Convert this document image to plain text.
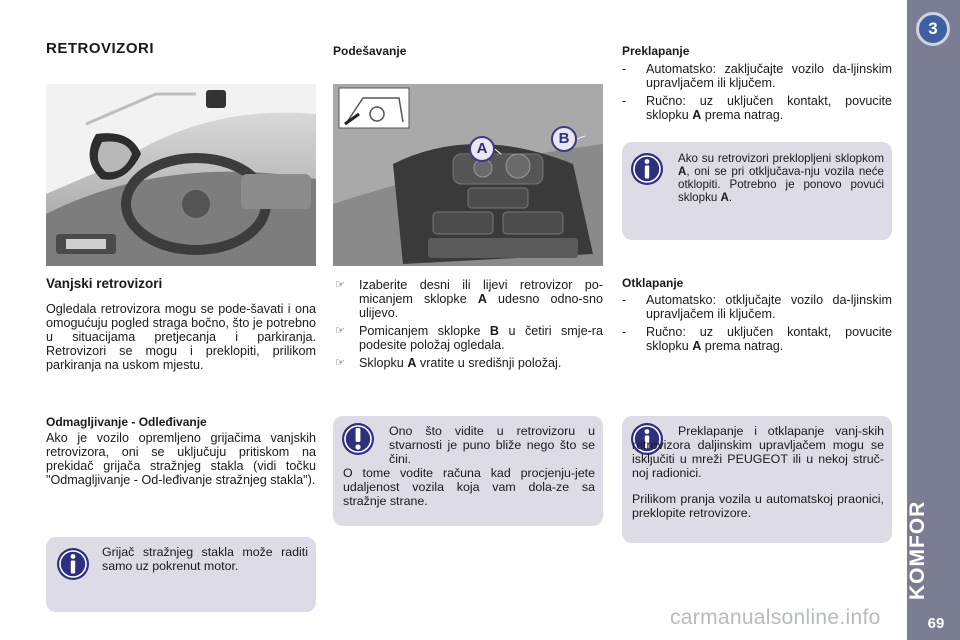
RETROVIZORI
Vanjski retrovizori

Ogledala retrovizora mogu se pode-šavati i ona omogućuju pogled straga bočno, što je potrebno u situacijama pretjecanja i parkiranja. Retrovizori se mogu i preklopiti, prilikom parkiranja na uskom mjestu.

Odmagljivanje - Odleđivanje

Ako je vozilo opremljeno grijačima vanjskih retrovizora, oni se uključuju pritiskom na prekidač grijača stražnjeg stakla (vidi točku "Odmagljivanje - Od-leđivanje stražnjeg stakla").

Grijač stražnjeg stakla može raditi samo uz pokrenut motor.

Podešavanje
A
B
☞ Izaberite desni ili lijevi retrovizor po-micanjem sklopke A udesno odno-sno ulijevo.
☞ Pomicanjem sklopke B u četiri smje-ra podesite položaj ogledala.
☞ Sklopku A vratite u središnji položaj.

Ono što vidite u retrovizoru u stvarnosti je puno bliže nego što se čini.

O tome vodite računa kad procjenju-jete udaljenost vozila koja vam dola-ze sa stražnje strane.

Preklapanje
- Automatsko: zaključajte vozilo da-ljinskim upravljačem ili ključem.
- Ručno: uz uključen kontakt, povucite sklopku A prema natrag.

Ako su retrovizori preklopljeni sklopkom A, oni se pri otključava-nju vozila neće otklopiti. Potrebno je ponovo povući sklopku A.

Otklapanje
- Automatsko: otključajte vozilo da-ljinskim upravljačem ili ključem.
- Ručno: uz uključen kontakt, povucite sklopku A prema natrag.

Preklapanje i otklapanje vanj-skih retrovizora daljinskim upravljačem mogu se isključiti u mreži PEUGEOT ili u nekoj struč-noj radionici.

Prilikom pranja vozila u automatskoj praonici, preklopite retrovizore.

3
KOMFOR
69
carmanualsonline.info
